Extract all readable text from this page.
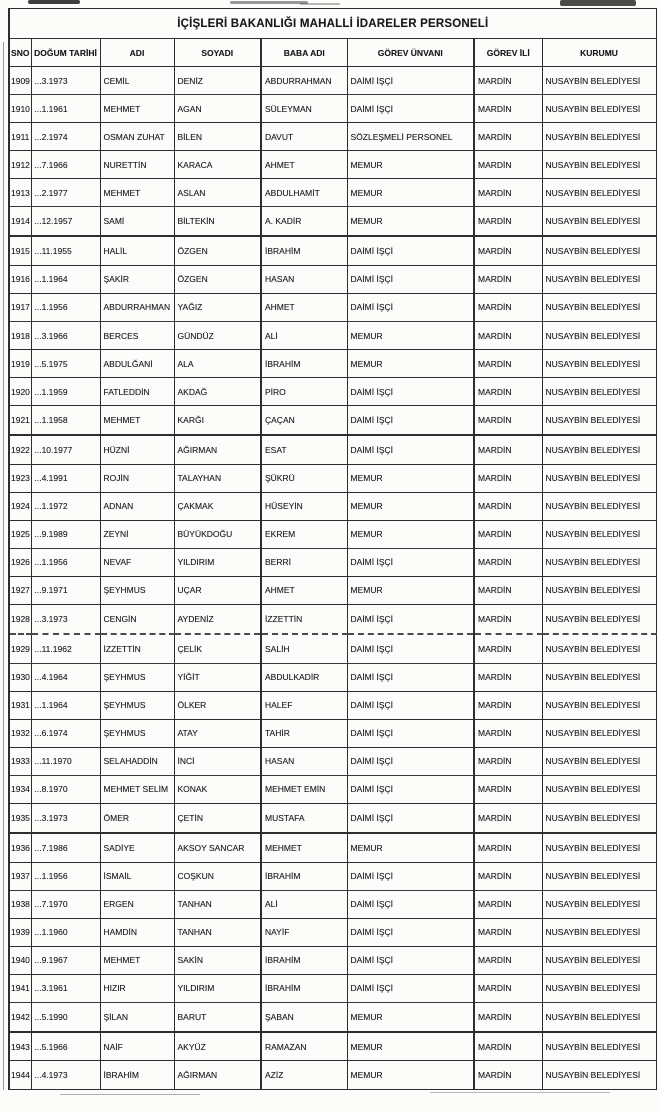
İÇİŞLERİ BAKANLIĞI MAHALLİ İDARELER PERSONELİ							
SNO	DOĞUM TARİHİ	ADI	SOYADI	BABA ADI	GÖREV ÜNVANI	GÖREV İLİ	KURUMU
1909	...3.1973	CEMİL	DENİZ	ABDURRAHMAN	DAİMİ İŞÇİ	MARDİN	NUSAYBİN BELEDİYESİ
1910	...1.1961	MEHMET	AGAN	SÜLEYMAN	DAİMİ İŞÇİ	MARDİN	NUSAYBİN BELEDİYESİ
1911	...2.1974	OSMAN ZUHAT	BİLEN	DAVUT	SÖZLEŞMELİ PERSONEL	MARDİN	NUSAYBİN BELEDİYESİ
1912	...7.1966	NURETTİN	KARACA	AHMET	MEMUR	MARDİN	NUSAYBİN BELEDİYESİ
1913	...2.1977	MEHMET	ASLAN	ABDULHAMİT	MEMUR	MARDİN	NUSAYBİN BELEDİYESİ
1914	...12.1957	SAMİ	BİLTEKİN	A. KADİR	MEMUR	MARDİN	NUSAYBİN BELEDİYESİ
1915	...11.1955	HALİL	ÖZGEN	İBRAHİM	DAİMİ İŞÇİ	MARDİN	NUSAYBİN BELEDİYESİ
1916	...1.1964	ŞAKİR	ÖZGEN	HASAN	DAİMİ İŞÇİ	MARDİN	NUSAYBİN BELEDİYESİ
1917	...1.1956	ABDURRAHMAN	YAĞIZ	AHMET	DAİMİ İŞÇİ	MARDİN	NUSAYBİN BELEDİYESİ
1918	...3.1966	BERCES	GÜNDÜZ	ALİ	MEMUR	MARDİN	NUSAYBİN BELEDİYESİ
1919	...5.1975	ABDULĞANİ	ALA	İBRAHİM	MEMUR	MARDİN	NUSAYBİN BELEDİYESİ
1920	...1.1959	FATLEDDİN	AKDAĞ	PİRO	DAİMİ İŞÇİ	MARDİN	NUSAYBİN BELEDİYESİ
1921	...1.1958	MEHMET	KARĞI	ÇAÇAN	DAİMİ İŞÇİ	MARDİN	NUSAYBİN BELEDİYESİ
1922	...10.1977	HÜZNİ	AĞIRMAN	ESAT	DAİMİ İŞÇİ	MARDİN	NUSAYBİN BELEDİYESİ
1923	...4.1991	ROJİN	TALAYHAN	ŞÜKRÜ	MEMUR	MARDİN	NUSAYBİN BELEDİYESİ
1924	...1.1972	ADNAN	ÇAKMAK	HÜSEYİN	MEMUR	MARDİN	NUSAYBİN BELEDİYESİ
1925	...9.1989	ZEYNİ	BÜYÜKDOĞU	EKREM	MEMUR	MARDİN	NUSAYBİN BELEDİYESİ
1926	...1.1956	NEVAF	YILDIRIM	BERRİ	DAİMİ İŞÇİ	MARDİN	NUSAYBİN BELEDİYESİ
1927	...9.1971	ŞEYHMUS	UÇAR	AHMET	MEMUR	MARDİN	NUSAYBİN BELEDİYESİ
1928	...3.1973	CENGİN	AYDENİZ	İZZETTİN	DAİMİ İŞÇİ	MARDİN	NUSAYBİN BELEDİYESİ
1929	...11.1962	İZZETTİN	ÇELİK	SALİH	DAİMİ İŞÇİ	MARDİN	NUSAYBİN BELEDİYESİ
1930	...4.1964	ŞEYHMUS	YİĞİT	ABDULKADİR	DAİMİ İŞÇİ	MARDİN	NUSAYBİN BELEDİYESİ
1931	...1.1964	ŞEYHMUS	ÖLKER	HALEF	DAİMİ İŞÇİ	MARDİN	NUSAYBİN BELEDİYESİ
1932	...6.1974	ŞEYHMUS	ATAY	TAHİR	DAİMİ İŞÇİ	MARDİN	NUSAYBİN BELEDİYESİ
1933	...11.1970	SELAHADDİN	İNCİ	HASAN	DAİMİ İŞÇİ	MARDİN	NUSAYBİN BELEDİYESİ
1934	...8.1970	MEHMET SELİM	KONAK	MEHMET EMİN	DAİMİ İŞÇİ	MARDİN	NUSAYBİN BELEDİYESİ
1935	...3.1973	ÖMER	ÇETİN	MUSTAFA	DAİMİ İŞÇİ	MARDİN	NUSAYBİN BELEDİYESİ
1936	...7.1986	SADİYE	AKSOY SANCAR	MEHMET	MEMUR	MARDİN	NUSAYBİN BELEDİYESİ
1937	...1.1956	İSMAİL	COŞKUN	İBRAHİM	DAİMİ İŞÇİ	MARDİN	NUSAYBİN BELEDİYESİ
1938	...7.1970	ERGEN	TANHAN	ALİ	DAİMİ İŞÇİ	MARDİN	NUSAYBİN BELEDİYESİ
1939	...1.1960	HAMDİN	TANHAN	NAYİF	DAİMİ İŞÇİ	MARDİN	NUSAYBİN BELEDİYESİ
1940	...9.1967	MEHMET	SAKİN	İBRAHİM	DAİMİ İŞÇİ	MARDİN	NUSAYBİN BELEDİYESİ
1941	...3.1961	HIZIR	YILDIRIM	İBRAHİM	DAİMİ İŞÇİ	MARDİN	NUSAYBİN BELEDİYESİ
1942	...5.1990	ŞİLAN	BARUT	ŞABAN	MEMUR	MARDİN	NUSAYBİN BELEDİYESİ
1943	...5.1966	NAİF	AKYÜZ	RAMAZAN	MEMUR	MARDİN	NUSAYBİN BELEDİYESİ
1944	...4.1973	İBRAHİM	AĞIRMAN	AZİZ	MEMUR	MARDİN	NUSAYBİN BELEDİYESİ
